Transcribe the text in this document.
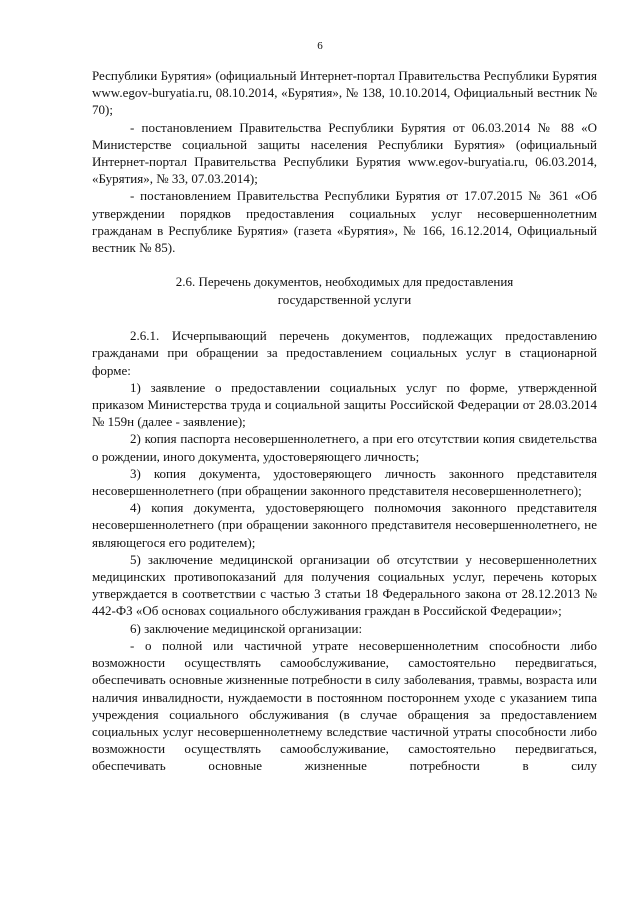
6

Республики Бурятия» (официальный Интернет-портал Правительства Республики Бурятия www.egov-buryatia.ru, 08.10.2014, «Бурятия», № 138, 10.10.2014, Официальный вестник № 70);

- постановлением Правительства Республики Бурятия от 06.03.2014 № 88 «О Министерстве социальной защиты населения Республики Бурятия» (официальный Интернет-портал Правительства Республики Бурятия www.egov-buryatia.ru, 06.03.2014, «Бурятия», № 33, 07.03.2014);

- постановлением Правительства Республики Бурятия от 17.07.2015 № 361 «Об утверждении порядков предоставления социальных услуг несовершеннолетним гражданам в Республике Бурятия» (газета «Бурятия», № 166, 16.12.2014, Официальный вестник № 85).

2.6. Перечень документов, необходимых для предоставления

государственной услуги

2.6.1. Исчерпывающий перечень документов, подлежащих предоставлению гражданами при обращении за предоставлением социальных услуг в стационарной форме:

1) заявление о предоставлении социальных услуг по форме, утвержденной приказом Министерства труда и социальной защиты Российской Федерации от 28.03.2014 № 159н (далее - заявление);

2) копия паспорта несовершеннолетнего, а при его отсутствии копия свидетельства о рождении, иного документа, удостоверяющего личность;

3) копия документа, удостоверяющего личность законного представителя несовершеннолетнего (при обращении законного представителя несовершеннолетнего);

4) копия документа, удостоверяющего полномочия законного представителя несовершеннолетнего (при обращении законного представителя несовершеннолетнего, не являющегося его родителем);

5) заключение медицинской организации об отсутствии у несовершеннолетних медицинских противопоказаний для получения социальных услуг, перечень которых утверждается в соответствии с частью 3 статьи 18 Федерального закона от 28.12.2013 № 442-ФЗ «Об основах социального обслуживания граждан в Российской Федерации»;

6) заключение медицинской организации:

- о полной или частичной утрате несовершеннолетним способности либо возможности осуществлять самообслуживание, самостоятельно передвигаться, обеспечивать основные жизненные потребности в силу заболевания, травмы, возраста или наличия инвалидности, нуждаемости в постоянном постороннем уходе с указанием типа учреждения социального обслуживания (в случае обращения за предоставлением социальных услуг несовершеннолетнему вследствие частичной утраты способности либо возможности осуществлять самообслуживание, самостоятельно передвигаться, обеспечивать основные жизненные потребности в силу
